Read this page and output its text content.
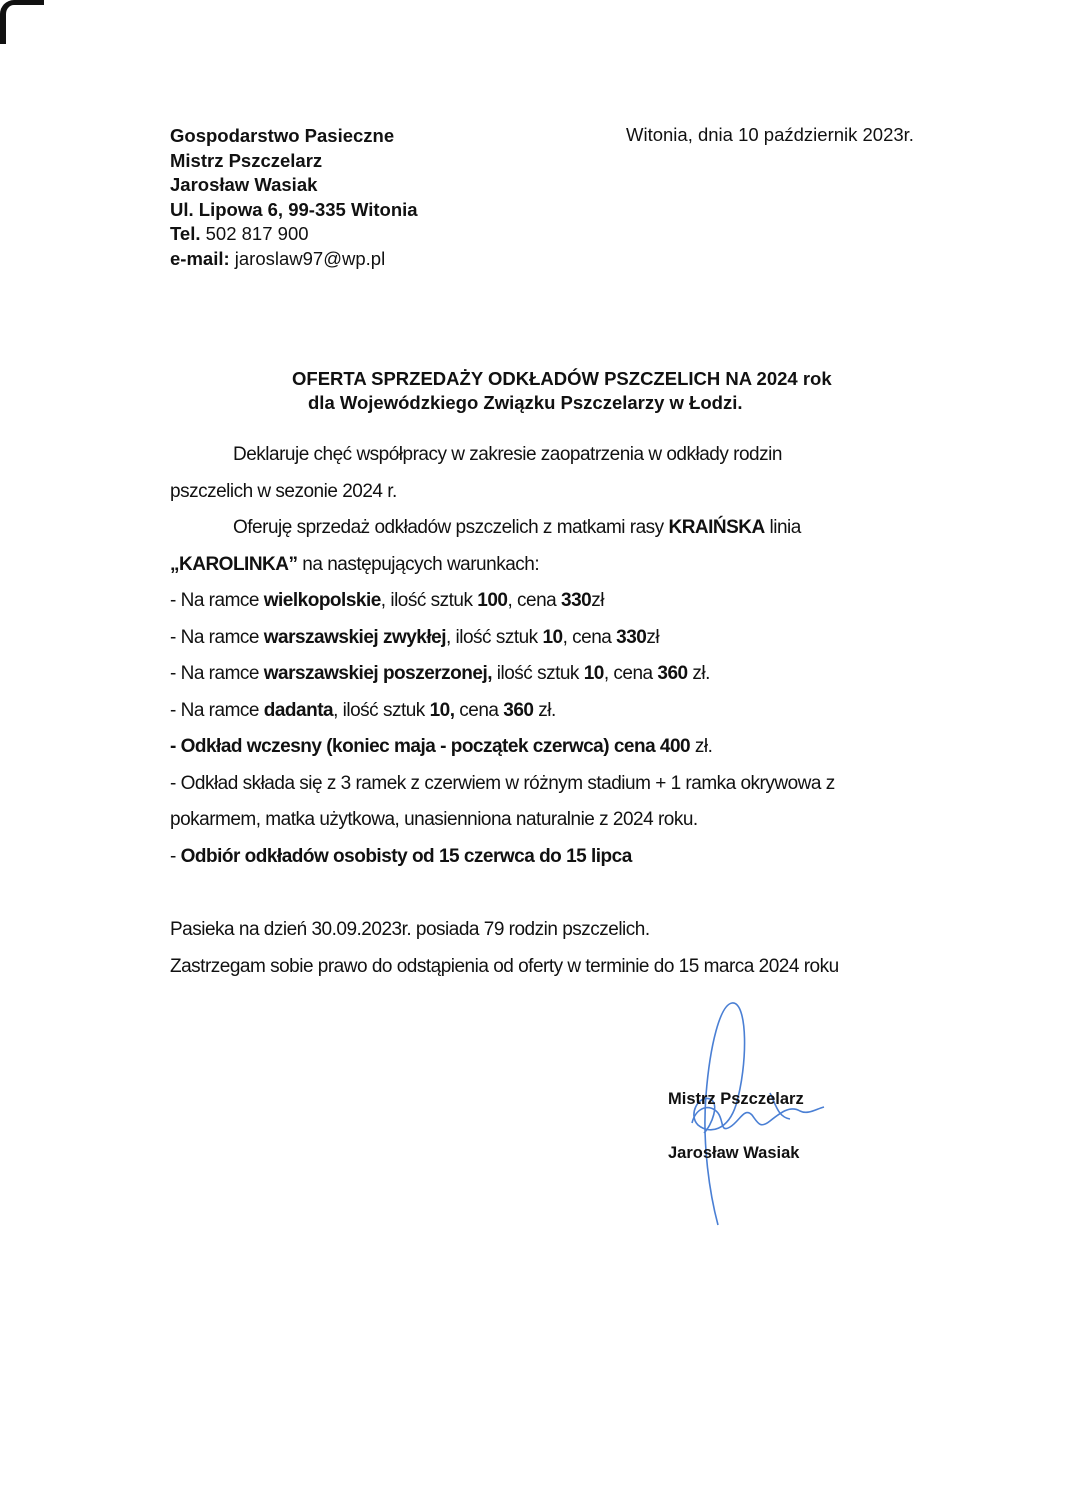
Gospodarstwo Pasieczne
Mistrz Pszczelarz
Jarosław Wasiak
Ul. Lipowa 6, 99-335 Witonia
Tel. 502 817 900
e-mail: jaroslaw97@wp.pl
Witonia, dnia 10 październik 2023r.
OFERTA SPRZEDAŻY ODKŁADÓW PSZCZELICH NA 2024 rok
dla Wojewódzkiego Związku Pszczelarzy w Łodzi.

Deklaruje chęć współpracy w zakresie zaopatrzenia w odkłady rodzin

pszczelich w sezonie 2024 r.

Oferuję sprzedaż odkładów pszczelich z matkami rasy KRAIŃSKA linia

„KAROLINKA” na następujących warunkach:

- Na ramce wielkopolskie, ilość sztuk 100, cena 330zł

- Na ramce warszawskiej zwykłej, ilość sztuk 10, cena 330zł

- Na ramce warszawskiej poszerzonej, ilość sztuk 10, cena 360 zł.

- Na ramce dadanta, ilość sztuk 10, cena 360 zł.

- Odkład wczesny (koniec maja - początek czerwca) cena 400 zł.

- Odkład składa się z 3 ramek z czerwiem w różnym stadium + 1 ramka okrywowa z

pokarmem, matka użytkowa, unasienniona naturalnie z 2024 roku.

- Odbiór odkładów osobisty od 15 czerwca do 15 lipca

Pasieka na dzień 30.09.2023r. posiada 79 rodzin pszczelich.

Zastrzegam sobie prawo do odstąpienia od oferty w terminie do 15 marca 2024 roku

Mistrz Pszczelarz
Jarosław Wasiak
